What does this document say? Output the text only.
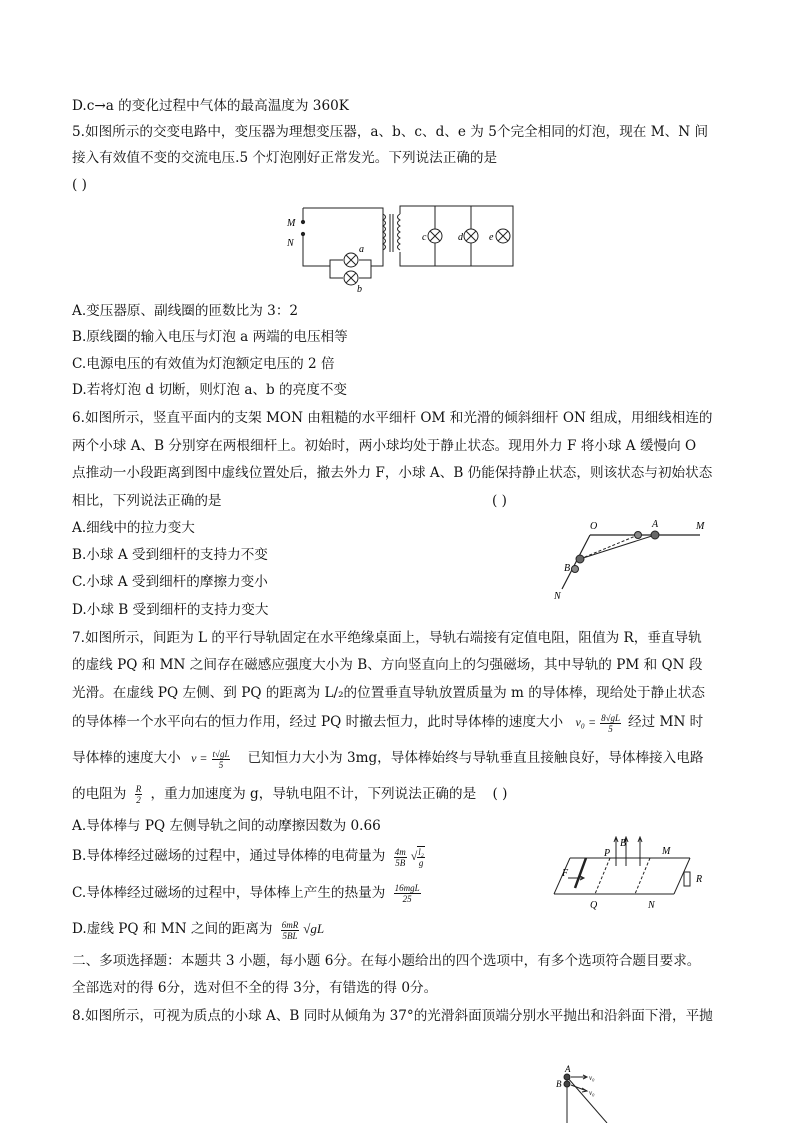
D.c→a 的变化过程中气体的最高温度为 360K
5.如图所示的交变电路中，变压器为理想变压器，a、b、c、d、e 为 5个完全相同的灯泡，现在 M、N 间
接入有效值不变的交流电压.5 个灯泡刚好正常发光。下列说法正确的是
( )
M
N
a
b
c	d	e
A.变压器原、副线圈的匝数比为 3：2
B.原线圈的输入电压与灯泡 a 两端的电压相等
C.电源电压的有效值为灯泡额定电压的 2 倍
D.若将灯泡 d 切断，则灯泡 a、b 的亮度不变
6.如图所示，竖直平面内的支架 MON 由粗糙的水平细杆 OM 和光滑的倾斜细杆 ON 组成，用细线相连的
两个小球 A、B 分别穿在两根细杆上。初始时，两小球均处于静止状态。现用外力 F 将小球 A 缓慢向 O
点推动一小段距离到图中虚线位置处后，撤去外力 F，小球 A、B 仍能保持静止状态，则该状态与初始状态
相比，下列说法正确的是	( )
A.细线中的拉力变大
B.小球 A 受到细杆的支持力不变
C.小球 A 受到细杆的摩擦力变小
D.小球 B 受到细杆的支持力变大
O	A	M
B
N
7.如图所示，间距为 L 的平行导轨固定在水平绝缘桌面上，导轨右端接有定值电阻，阻值为 R，垂直导轨
的虚线 PQ 和 MN 之间存在磁感应强度大小为 B、方向竖直向上的匀强磁场，其中导轨的 PM 和 QN 段
光滑。在虚线 PQ 左侧、到 PQ 的距离为 L/₂的位置垂直导轨放置质量为 m 的导体棒，现给处于静止状态
的导体棒一个水平向右的恒力作用，经过 PQ 时撤去恒力，此时导体棒的速度大小 $v_0 = \frac{8√gL}{5}$ 经过 MN 时
导体棒的速度大小 $v = \frac{t√gL}{5}$ 已知恒力大小为 3mg，导体棒始终与导轨垂直且接触良好，导体棒接入电路
的电阻为 $\frac{R}{2}$ ，重力加速度为 g，导轨电阻不计，下列说法正确的是 ( )
A.导体棒与 PQ 左侧导轨之间的动摩擦因数为 0.66
B.导体棒经过磁场的过程中，通过导体棒的电荷量为 $\frac{4m}{5B}$ √ $\frac{\text{l₂}}{g}$
C.导体棒经过磁场的过程中，导体棒上产生的热量为 $\frac{\text{16mgL}}{25}$
D.虚线 PQ 和 MN 之间的距离为 $\frac{6mR}{5BL} √gL$
P
B
M
F
R
Q	N
二、多项选择题：本题共 3 小题，每小题 6分。在每小题给出的四个选项中，有多个选项符合题目要求。
全部选对的得 6分，选对但不全的得 3分，有错选的得 0分。
8.如图所示，可视为质点的小球 A、B 同时从倾角为 37°的光滑斜面顶端分别水平抛出和沿斜面下滑，平抛
A
B
v₀
v₀
